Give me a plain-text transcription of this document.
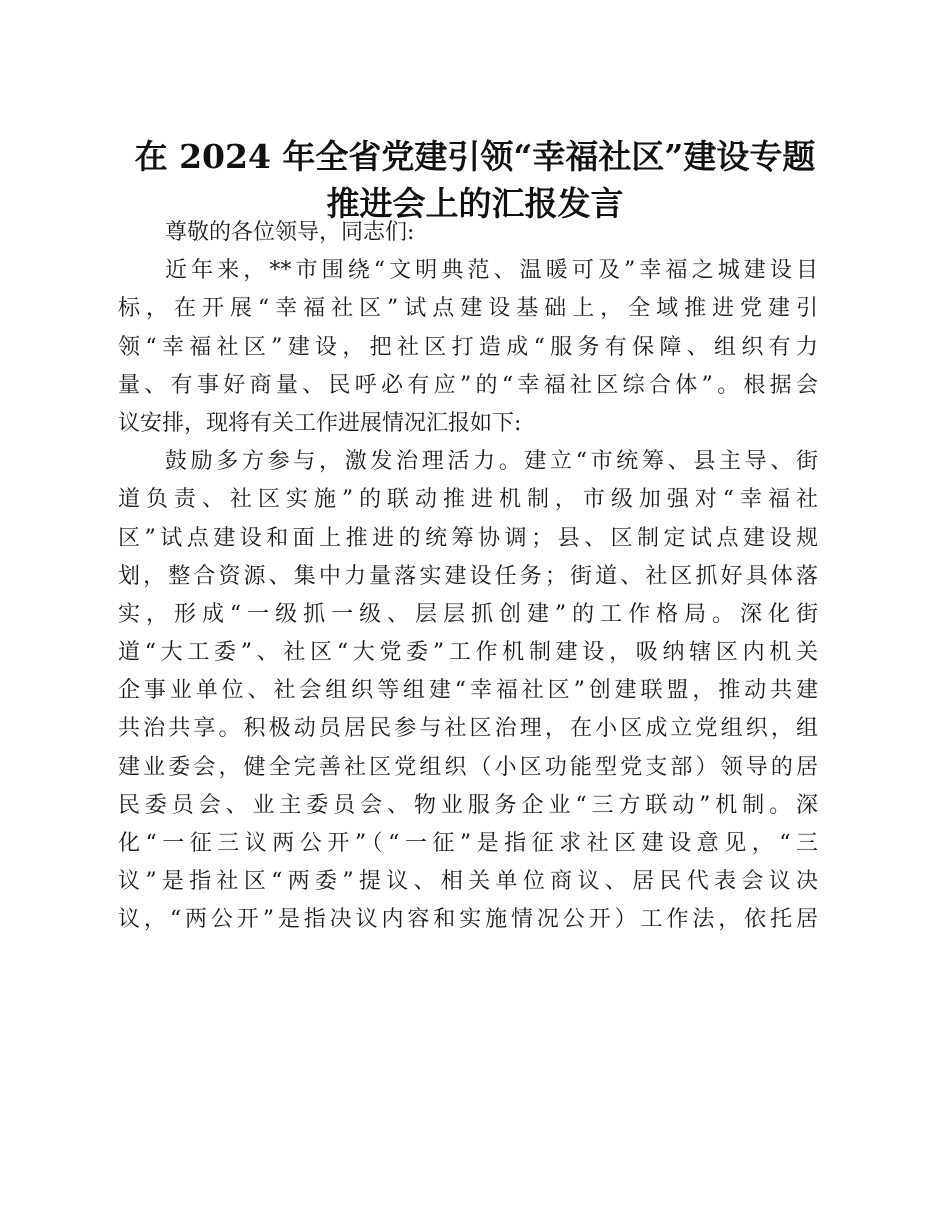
在 2024 年全省党建引领“幸福社区”建设专题
推进会上的汇报发言
尊敬的各位领导，同志们:
近年来，**市围绕“文明典范、温暖可及”幸福之城建设目
标，在开展“幸福社区”试点建设基础上，全域推进党建引
领“幸福社区”建设，把社区打造成“服务有保障、组织有力
量、有事好商量、民呼必有应”的“幸福社区综合体”。根据会
议安排，现将有关工作进展情况汇报如下:
鼓励多方参与，激发治理活力。建立“市统筹、县主导、街
道负责、社区实施”的联动推进机制，市级加强对“幸福社
区”试点建设和面上推进的统筹协调；县、区制定试点建设规
划，整合资源、集中力量落实建设任务；街道、社区抓好具体落
实，形成“一级抓一级、层层抓创建”的工作格局。深化街
道“大工委”、社区“大党委”工作机制建设，吸纳辖区内机关
企事业单位、社会组织等组建“幸福社区”创建联盟，推动共建
共治共享。积极动员居民参与社区治理，在小区成立党组织，组
建业委会，健全完善社区党组织（小区功能型党支部）领导的居
民委员会、业主委员会、物业服务企业“三方联动”机制。深
化“一征三议两公开”（“一征”是指征求社区建设意见，“三
议”是指社区“两委”提议、相关单位商议、居民代表会议决
议，“两公开”是指决议内容和实施情况公开）工作法，依托居
